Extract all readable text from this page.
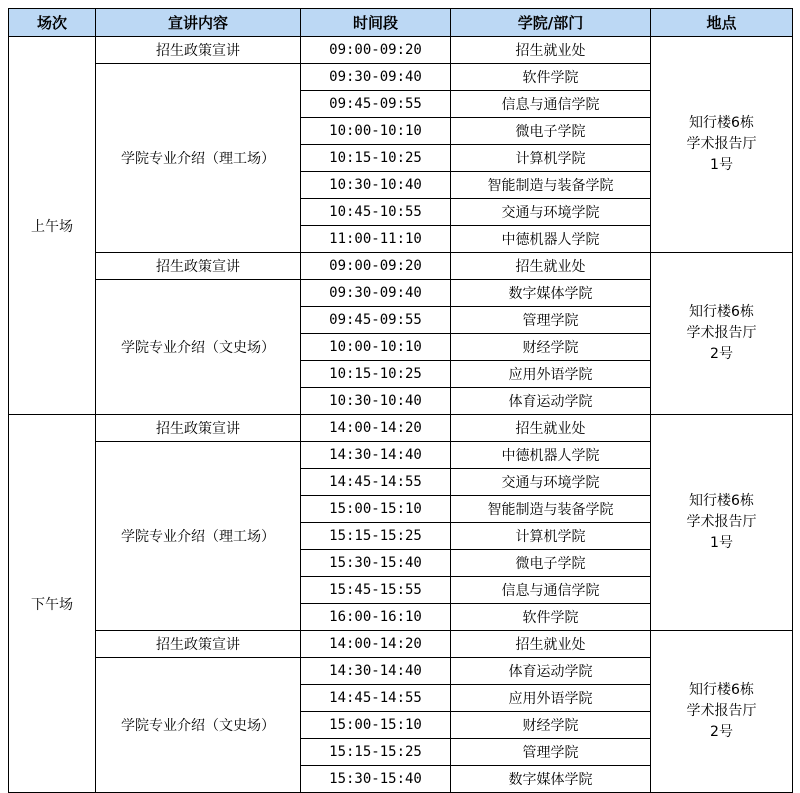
场次	宣讲内容	时间段	学院/部门	地点
上午场	招生政策宣讲	09:00-09:20	招生就业处	知行楼6栋
学术报告厅
1号

	学院专业介绍（理工场）	09:30-09:40	软件学院	
		09:45-09:55	信息与通信学院	
		10:00-10:10	微电子学院	
		10:15-10:25	计算机学院	
		10:30-10:40	智能制造与装备学院	
		10:45-10:55	交通与环境学院	
		11:00-11:10	中德机器人学院	
	招生政策宣讲	09:00-09:20	招生就业处	知行楼6栋
学术报告厅
2号

	学院专业介绍（文史场）	09:30-09:40	数字媒体学院	
		09:45-09:55	管理学院	
		10:00-10:10	财经学院	
		10:15-10:25	应用外语学院	
		10:30-10:40	体育运动学院	
下午场	招生政策宣讲	14:00-14:20	招生就业处	知行楼6栋
学术报告厅
1号

	学院专业介绍（理工场）	14:30-14:40	中德机器人学院	
		14:45-14:55	交通与环境学院	
		15:00-15:10	智能制造与装备学院	
		15:15-15:25	计算机学院	
		15:30-15:40	微电子学院	
		15:45-15:55	信息与通信学院	
		16:00-16:10	软件学院	
	招生政策宣讲	14:00-14:20	招生就业处	知行楼6栋
学术报告厅
2号

	学院专业介绍（文史场）	14:30-14:40	体育运动学院	
		14:45-14:55	应用外语学院	
		15:00-15:10	财经学院	
		15:15-15:25	管理学院	
		15:30-15:40	数字媒体学院	
